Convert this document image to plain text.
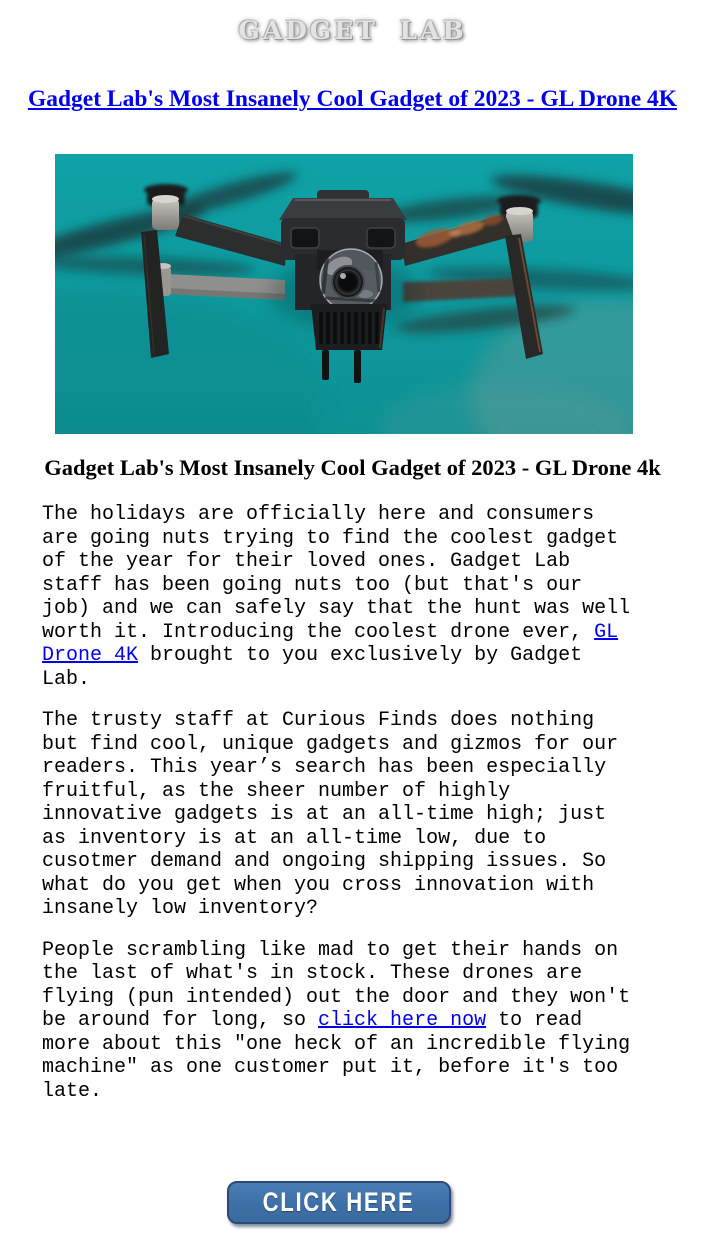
GADGET LAB
Gadget Lab's Most Insanely Cool Gadget of 2023 - GL Drone 4K
Gadget Lab's Most Insanely Cool Gadget of 2023 - GL Drone 4k

The holidays are officially here and consumers are going nuts trying to find the coolest gadget of the year for their loved ones. Gadget Lab staff has been going nuts too (but that's our job) and we can safely say that the hunt was well worth it. Introducing the coolest drone ever, GL Drone 4K brought to you exclusively by Gadget Lab.

The trusty staff at Curious Finds does nothing but find cool, unique gadgets and gizmos for our readers. This year’s search has been especially fruitful, as the sheer number of highly innovative gadgets is at an all-time high; just as inventory is at an all-time low, due to cusotmer demand and ongoing shipping issues. So what do you get when you cross innovation with insanely low inventory?

People scrambling like mad to get their hands on the last of what's in stock. These drones are flying (pun intended) out the door and they won't be around for long, so click here now to read more about this "one heck of an incredible flying machine" as one customer put it, before it's too late.

CLICK HERE
